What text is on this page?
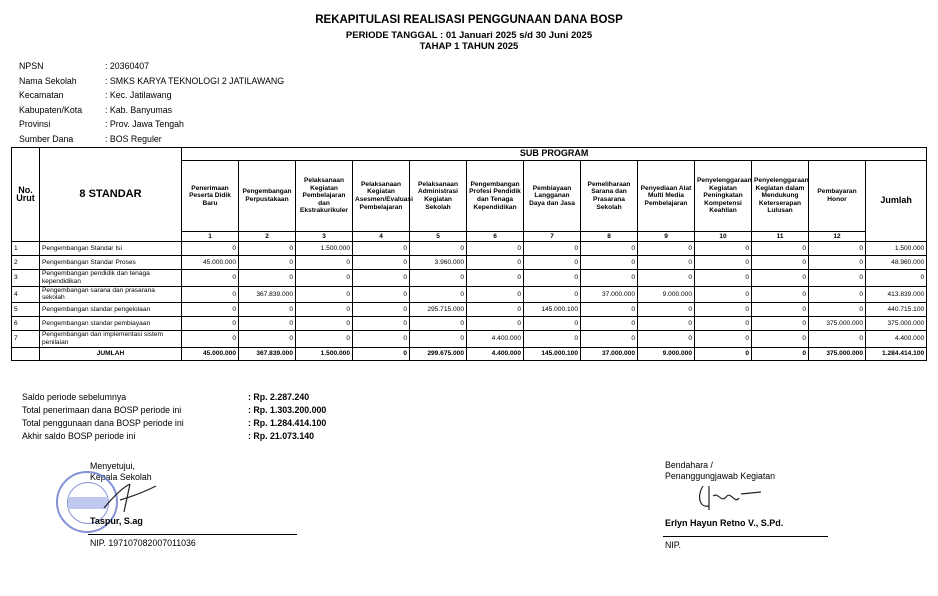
REKAPITULASI REALISASI PENGGUNAAN DANA BOSP
PERIODE TANGGAL : 01 Januari 2025 s/d 30 Juni 2025
TAHAP 1 TAHUN 2025
NPSN	: 20360407
Nama Sekolah	: SMKS KARYA TEKNOLOGI 2 JATILAWANG
Kecamatan	: Kec. Jatilawang
Kabupaten/Kota	: Kab. Banyumas
Provinsi	: Prov. Jawa Tengah
Sumber Dana	: BOS Reguler
No. Urut	8 STANDAR	SUB PROGRAM												
		Penerimaan Peserta Didik Baru	Pengembangan Perpustakaan	Pelaksanaan Kegiatan Pembelajaran dan Ekstrakurikuler	Pelaksanaan Kegiatan Asesmen/Evaluasi Pembelajaran	Pelaksanaan Administrasi Kegiatan Sekolah	Pengembangan Profesi Pendidik dan Tenaga Kependidikan	Pembiayaan Langganan Daya dan Jasa	Pemeliharaan Sarana dan Prasarana Sekolah	Penyediaan Alat Multi Media Pembelajaran	Penyelenggaraan Kegiatan Peningkatan Kompetensi Keahlian	Penyelenggaraan Kegiatan dalam Mendukung Keterserapan Lulusan	Pembayaran Honor	Jumlah
		1	2	3	4	5	6	7	8	9	10	11	12	
1	Pengembangan Standar Isi	0	0	1.500.000	0	0	0	0	0	0	0	0	0	1.500.000
2	Pengembangan Standar Proses	45.000.000	0	0	0	3.960.000	0	0	0	0	0	0	0	48.960.000
3	Pengembangan pendidik dan tenaga kependidikan	0	0	0	0	0	0	0	0	0	0	0	0	0
4	Pengembangan sarana dan prasarana sekolah	0	367.839.000	0	0	0	0	0	37.000.000	9.000.000	0	0	0	413.839.000
5	Pengembangan standar pengelolaan	0	0	0	0	295.715.000	0	145.000.100	0	0	0	0	0	440.715.100
6	Pengembangan standar pembiayaan	0	0	0	0	0	0	0	0	0	0	0	375.000.000	375.000.000
7	Pengembangan dan implementasi sistem penilaian	0	0	0	0	0	4.400.000	0	0	0	0	0	0	4.400.000
	JUMLAH	45.000.000	367.839.000	1.500.000	0	299.675.000	4.400.000	145.000.100	37.000.000	9.000.000	0	0	375.000.000	1.284.414.100
Saldo periode sebelumnya	: Rp. 2.287.240
Total penerimaan dana BOSP periode ini	: Rp. 1.303.200.000
Total penggunaan dana BOSP periode ini	: Rp. 1.284.414.100
Akhir saldo BOSP periode ini	: Rp. 21.073.140
Menyetujui,
Kepala Sekolah
Taspur, S.ag
NIP. 197107082007011036
Bendahara /
Penanggungjawab Kegiatan
Erlyn Hayun Retno V., S.Pd.
NIP.
